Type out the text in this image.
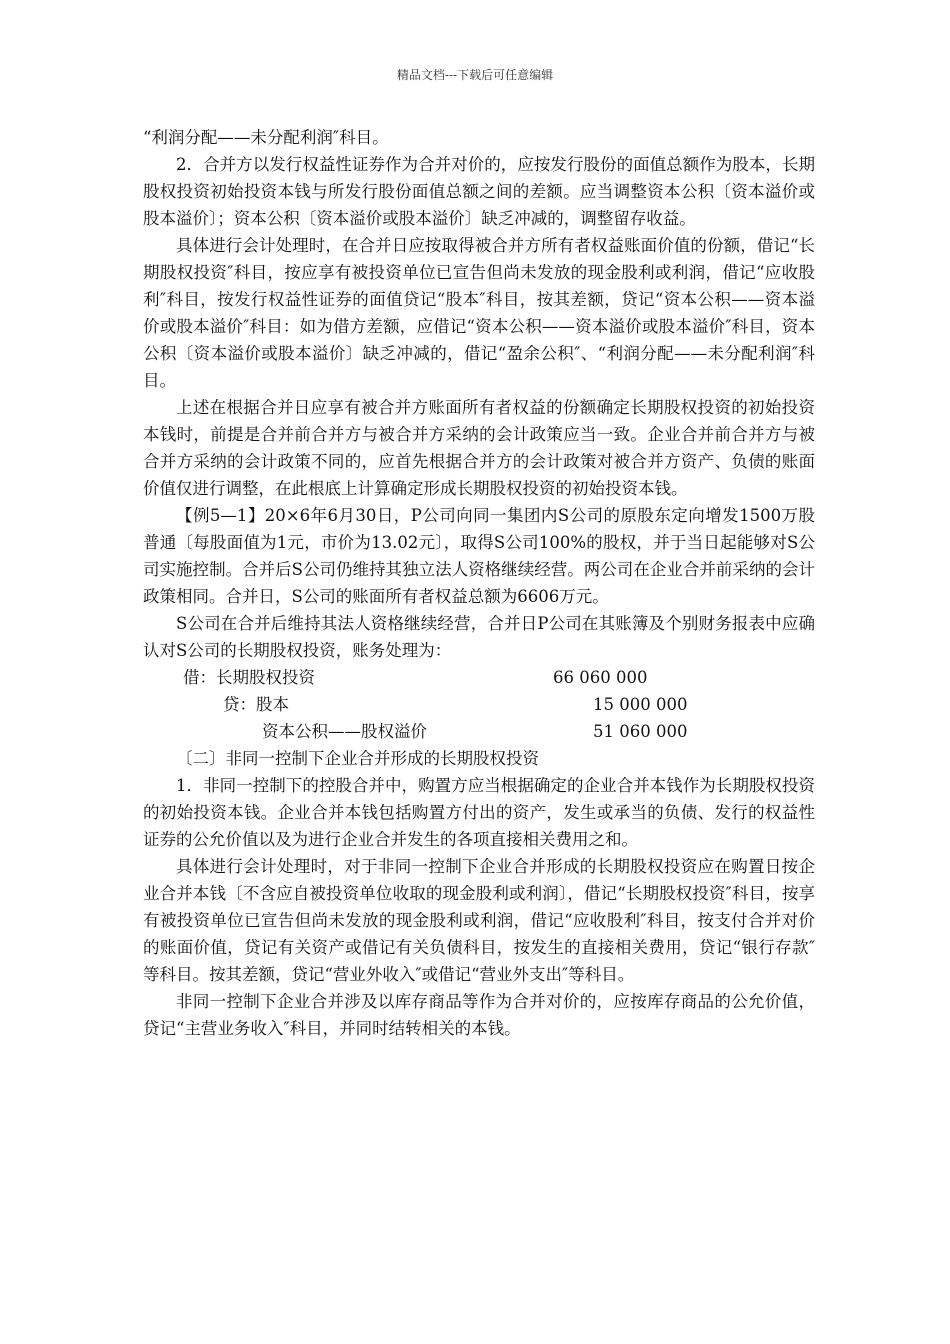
精品文档---下载后可任意编辑

“利润分配——未分配利润″科目。

2．合并方以发行权益性证券作为合并对价的，应按发行股份的面值总额作为股本，长期股权投资初始投资本钱与所发行股份面值总额之间的差额。应当调整资本公积〔资本溢价或股本溢价〕；资本公积〔资本溢价或股本溢价〕缺乏冲减的，调整留存收益。

具体进行会计处理时，在合并日应按取得被合并方所有者权益账面价值的份额，借记“长期股权投资″科目，按应享有被投资单位已宣告但尚未发放的现金股利或利润，借记“应收股利″科目，按发行权益性证券的面值贷记“股本″科目，按其差额，贷记“资本公积——资本溢价或股本溢价″科目：如为借方差额，应借记“资本公积——资本溢价或股本溢价″科目，资本公积〔资本溢价或股本溢价〕缺乏冲减的，借记“盈余公积″、“利润分配——未分配利润″科目。

上述在根据合并日应享有被合并方账面所有者权益的份额确定长期股权投资的初始投资本钱时，前提是合并前合并方与被合并方采纳的会计政策应当一致。企业合并前合并方与被合并方采纳的会计政策不同的，应首先根据合并方的会计政策对被合并方资产、负债的账面价值仅进行调整，在此根底上计算确定形成长期股权投资的初始投资本钱。

【例5—1】20×6年6月30日，P公司向同一集团内S公司的原股东定向增发1500万股普通〔每股面值为1元，市价为13.02元〕，取得S公司100%的股权，并于当日起能够对S公司实施控制。合并后S公司仍维持其独立法人资格继续经营。两公司在企业合并前采纳的会计政策相同。合并日，S公司的账面所有者权益总额为6606万元。

S公司在合并后维持其法人资格继续经营，合并日P公司在其账簿及个别财务报表中应确认对S公司的长期股权投资，账务处理为：

借：长期股权投资	66 060 000
贷：股本	15 000 000
资本公积——股权溢价	51 060 000

〔二〕非同一控制下企业合并形成的长期股权投资

1．非同一控制下的控股合并中，购置方应当根据确定的企业合并本钱作为长期股权投资的初始投资本钱。企业合并本钱包括购置方付出的资产，发生或承当的负债、发行的权益性证券的公允价值以及为进行企业合并发生的各项直接相关费用之和。

具体进行会计处理时，对于非同一控制下企业合并形成的长期股权投资应在购置日按企业合并本钱〔不含应自被投资单位收取的现金股利或利润〕，借记“长期股权投资″科目，按享有被投资单位已宣告但尚未发放的现金股利或利润，借记“应收股利″科目，按支付合并对价的账面价值，贷记有关资产或借记有关负债科目，按发生的直接相关费用，贷记“银行存款″等科目。按其差额，贷记“营业外收入″或借记“营业外支出″等科目。

非同一控制下企业合并涉及以库存商品等作为合并对价的，应按库存商品的公允价值，贷记“主营业务收入″科目，并同时结转相关的本钱。
